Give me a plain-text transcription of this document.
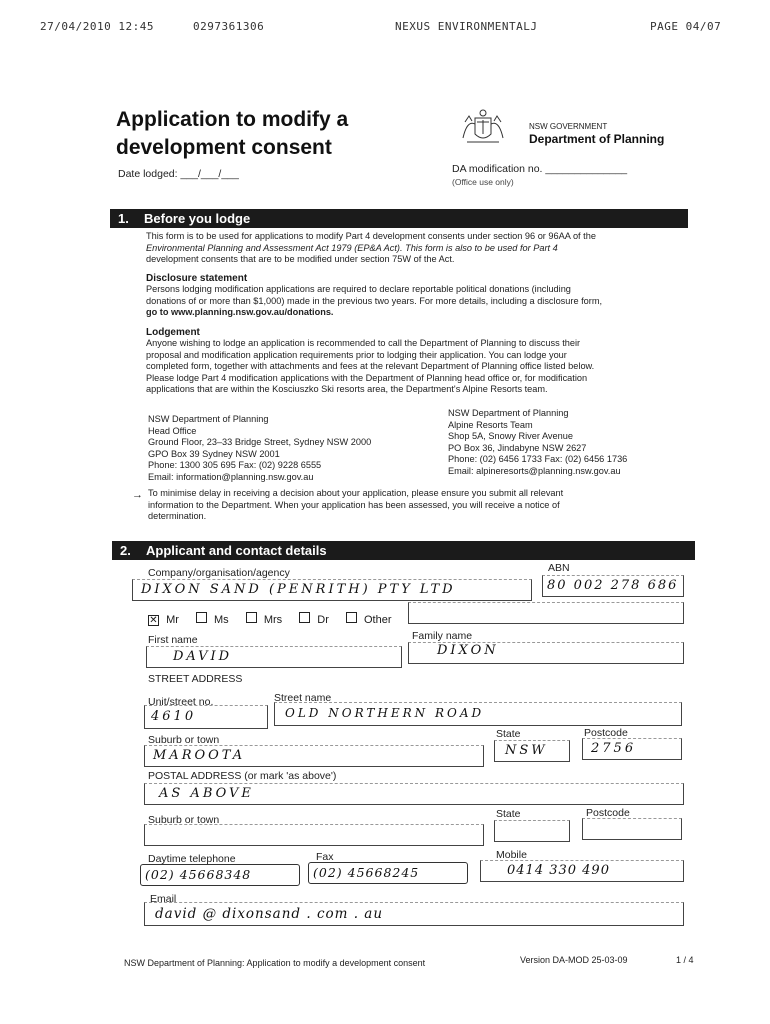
27/04/2010 12:45	0297361306	NEXUS ENVIRONMENTALJ	PAGE 04/07
Application to modify a
development consent
Date lodged: ___/___/___
NSW GOVERNMENT
Department of Planning
DA modification no. ______________
(Office use only)
1. Before you lodge
This form is to be used for applications to modify Part 4 development consents under section 96 or 96AA of the
Environmental Planning and Assessment Act 1979 (EP&A Act). This form is also to be used for Part 4
development consents that are to be modified under section 75W of the Act.
Disclosure statement
Persons lodging modification applications are required to declare reportable political donations (including
donations of or more than $1,000) made in the previous two years. For more details, including a disclosure form,
go to www.planning.nsw.gov.au/donations.
Lodgement
Anyone wishing to lodge an application is recommended to call the Department of Planning to discuss their
proposal and modification application requirements prior to lodging their application. You can lodge your
completed form, together with attachments and fees at the relevant Department of Planning office listed below.
Please lodge Part 4 modification applications with the Department of Planning head office or, for modification
applications that are within the Kosciuszko Ski resorts area, the Department's Alpine Resorts team.
NSW Department of Planning
Head Office
Ground Floor, 23–33 Bridge Street, Sydney NSW 2000
GPO Box 39 Sydney NSW 2001
Phone: 1300 305 695 Fax: (02) 9228 6555
Email: information@planning.nsw.gov.au
NSW Department of Planning
Alpine Resorts Team
Shop 5A, Snowy River Avenue
PO Box 36, Jindabyne NSW 2627
Phone: (02) 6456 1733 Fax: (02) 6456 1736
Email: alpineresorts@planning.nsw.gov.au
→ To minimise delay in receiving a decision about your application, please ensure you submit all relevant
information to the Department. When your application has been assessed, you will receive a notice of
determination.
2. Applicant and contact details
Company/organisation/agency
DIXON SAND (PENRITH) PTY LTD
ABN
80 002 278 686
✕ Mr	Ms	Mrs	Dr	Other
First name
DAVID
Family name
DIXON
STREET ADDRESS
Unit/street no.	Street name
4610	OLD NORTHERN ROAD
Suburb or town
MAROOTA
State
NSW
Postcode
2756
POSTAL ADDRESS (or mark 'as above')
AS ABOVE
Suburb or town	State	Postcode
Daytime telephone
(02) 45668348
Fax
(02) 45668245
Mobile
0414 330 490
Email
david @ dixonsand . com . au
NSW Department of Planning: Application to modify a development consent	Version DA-MOD 25-03-09	1 / 4
